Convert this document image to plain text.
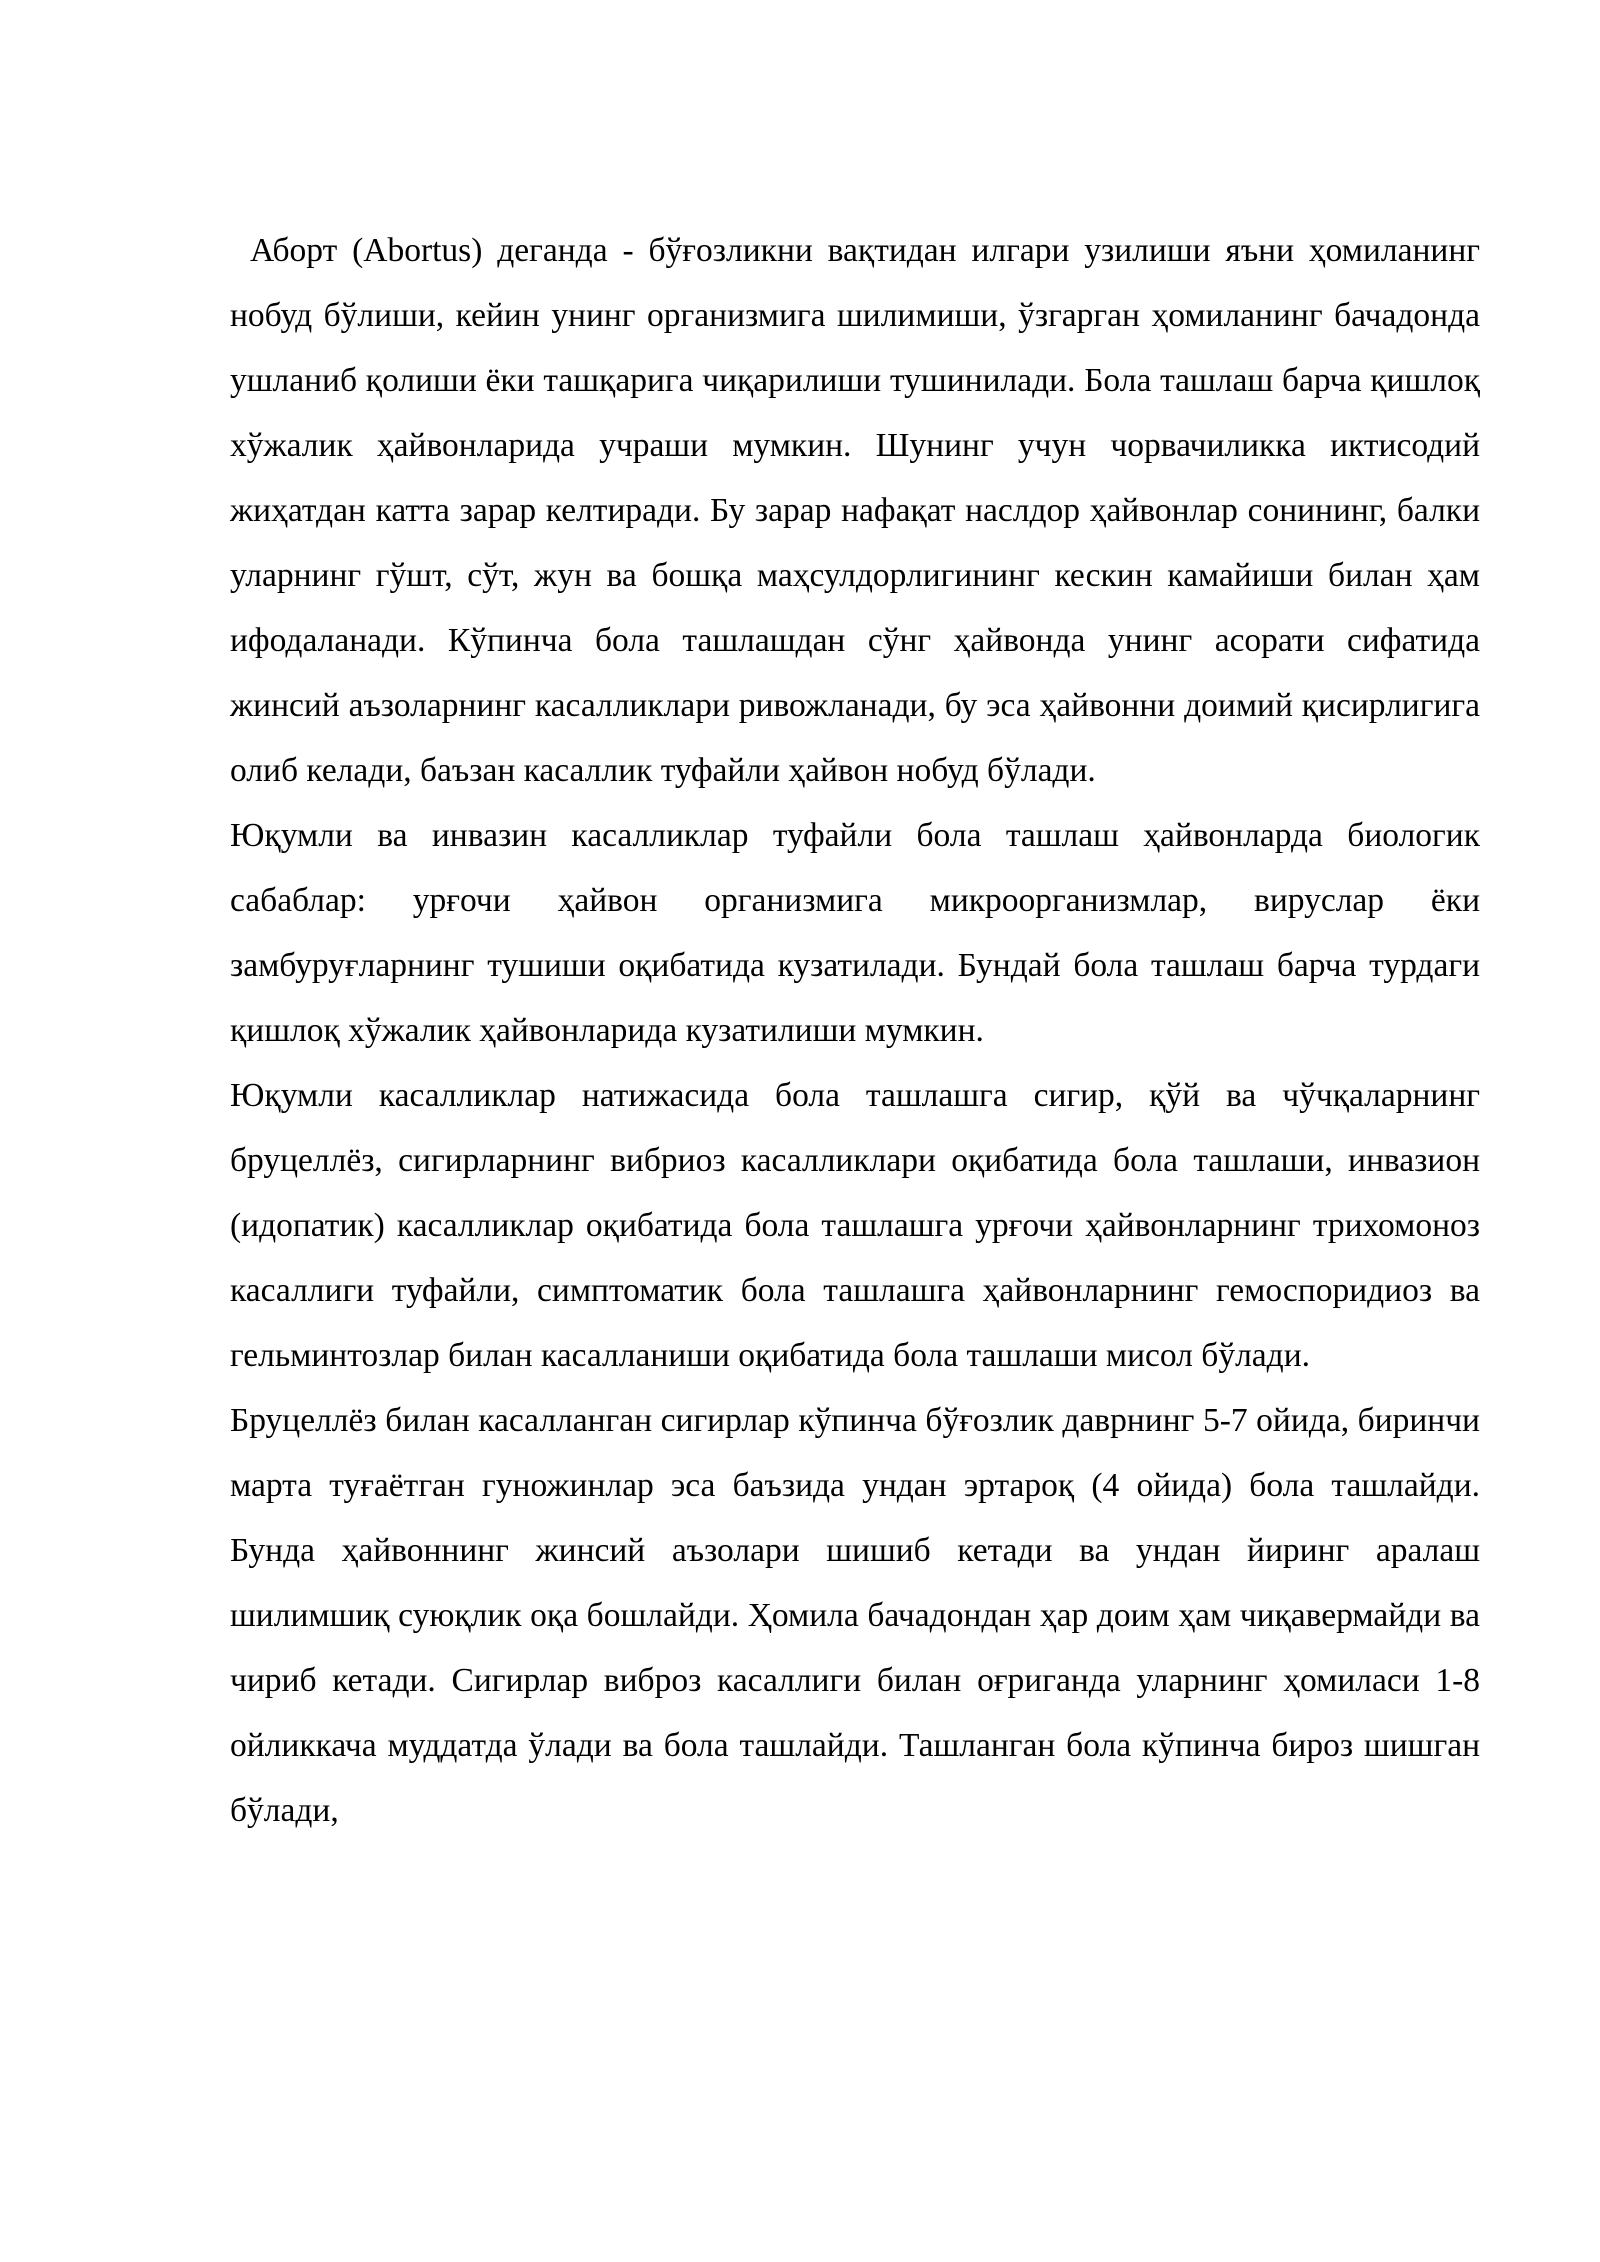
Аборт (Abortus) деганда - бўғозликни вақтидан илгари узилиши яъни ҳомиланинг нобуд бўлиши, кейин унинг организмига шилимиши, ўзгарган ҳомиланинг бачадонда ушланиб қолиши ёки ташқарига чиқарилиши тушинилади. Бола ташлаш барча қишлоқ хўжалик ҳайвонларида учраши мумкин. Шунинг учун чорвачиликка иктисодий жиҳатдан катта зарар келтиради. Бу зарар нафақат наслдор ҳайвонлар сонининг, балки уларнинг гўшт, сўт, жун ва бошқа маҳсулдорлигининг кескин камайиши билан ҳам ифодаланади. Кўпинча бола ташлашдан сўнг ҳайвонда унинг асорати сифатида жинсий аъзоларнинг касалликлари ривожланади, бу эса ҳайвонни доимий қисирлигига олиб келади, баъзан касаллик туфайли ҳайвон нобуд бўлади.

Юқумли ва инвазин касалликлар туфайли бола ташлаш ҳайвонларда биологик сабаблар: урғочи ҳайвон организмига микроорганизмлар, вируслар ёки замбуруғларнинг тушиши оқибатида кузатилади. Бундай бола ташлаш барча турдаги қишлоқ хўжалик ҳайвонларида кузатилиши мумкин.

Юқумли касалликлар натижасида бола ташлашга сигир, қўй ва чўчқаларнинг бруцеллёз, сигирларнинг вибриоз касалликлари оқибатида бола ташлаши, инвазион (идопатик) касалликлар оқибатида бола ташлашга урғочи ҳайвонларнинг трихомоноз касаллиги туфайли, симптоматик бола ташлашга ҳайвонларнинг гемоспоридиоз ва гельминтозлар билан касалланиши оқибатида бола ташлаши мисол бўлади.

Бруцеллёз билан касалланган сигирлар кўпинча бўғозлик даврнинг 5-7 ойида, биринчи марта туғаётган гуножинлар эса баъзида ундан эртароқ (4 ойида) бола ташлайди. Бунда ҳайвоннинг жинсий аъзолари шишиб кетади ва ундан йиринг аралаш шилимшиқ суюқлик оқа бошлайди. Ҳомила бачадондан ҳар доим ҳам чиқавермайди ва чириб кетади. Сигирлар виброз касаллиги билан оғриганда уларнинг ҳомиласи 1-8 ойликкача муддатда ўлади ва бола ташлайди. Ташланган бола кўпинча бироз шишган бўлади,
